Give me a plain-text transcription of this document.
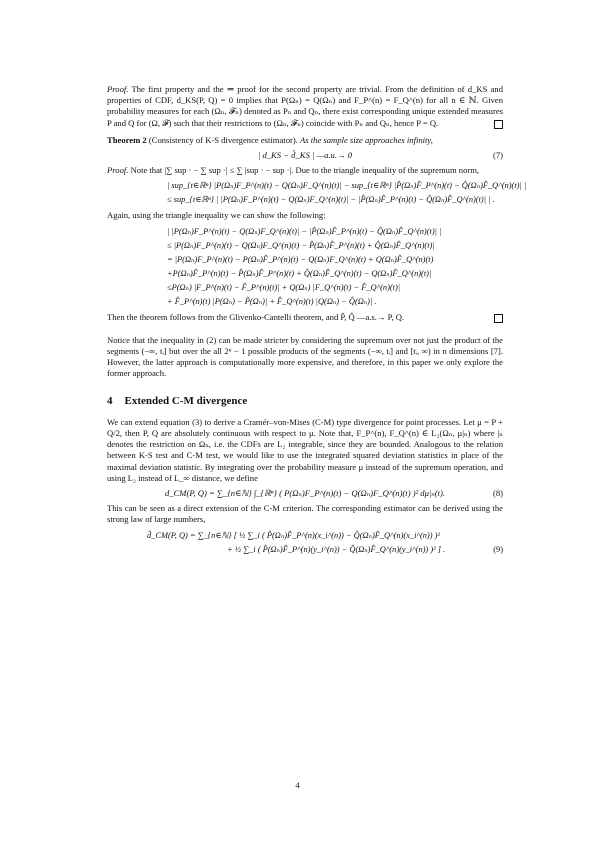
Proof. The first property and the ⇐ proof for the second property are trivial. From the definition of d_KS and properties of CDF, d_KS(P, Q) = 0 implies that P(Ωₙ) = Q(Ωₙ) and F_P^(n) = F_Q^(n) for all n ∈ ℕ. Given probability measures for each (Ωₙ, 𝓕ₙ) denoted as Pₙ and Qₙ, there exist corresponding unique extended measures P and Q for (Ω, 𝓕) such that their restrictions to (Ωₙ, 𝓕ₙ) coincide with Pₙ and Qₙ, hence P = Q.

Theorem 2 (Consistency of K-S divergence estimator). As the sample size approaches infinity,

| d_KS − d̂_KS | —a.u.→ 0	(7)

Proof. Note that |∑ sup · − ∑ sup ·| ≤ ∑ |sup · − sup ·|. Due to the triangle inequality of the supremum norm,

| sup_{t∈ℝⁿ} |P(Ωₙ)F_P^(n)(t) − Q(Ωₙ)F_Q^(n)(t)| − sup_{t∈ℝⁿ} |P̂(Ωₙ)F̂_P^(n)(t) − Q̂(Ωₙ)F̂_Q^(n)(t)| |
≤ sup_{t∈ℝⁿ} | |P(Ωₙ)F_P^(n)(t) − Q(Ωₙ)F_Q^(n)(t)| − |P̂(Ωₙ)F̂_P^(n)(t) − Q̂(Ωₙ)F̂_Q^(n)(t)| | .

Again, using the triangle inequality we can show the following:

| |P(Ωₙ)F_P^(n)(t) − Q(Ωₙ)F_Q^(n)(t)| − |P̂(Ωₙ)F̂_P^(n)(t) − Q̂(Ωₙ)F̂_Q^(n)(t)| |
≤ |P(Ωₙ)F_P^(n)(t) − Q(Ωₙ)F_Q^(n)(t) − P̂(Ωₙ)F̂_P^(n)(t) + Q̂(Ωₙ)F̂_Q^(n)(t)|
= |P(Ωₙ)F_P^(n)(t) − P(Ωₙ)F̂_P^(n)(t) − Q(Ωₙ)F_Q^(n)(t) + Q(Ωₙ)F̂_Q^(n)(t)
+P(Ωₙ)F̂_P^(n)(t) − P̂(Ωₙ)F̂_P^(n)(t) + Q̂(Ωₙ)F̂_Q^(n)(t) − Q(Ωₙ)F̂_Q^(n)(t)|
≤P(Ωₙ) |F_P^(n)(t) − F̂_P^(n)(t)| + Q(Ωₙ) |F_Q^(n)(t) − F̂_Q^(n)(t)|
+ F̂_P^(n)(t) |P(Ωₙ) − P̂(Ωₙ)| + F̂_Q^(n)(t) |Q(Ωₙ) − Q̂(Ωₙ)| .

Then the theorem follows from the Glivenko-Cantelli theorem, and P̂, Q̂ —a.s.→ P, Q.

Notice that the inequality in (2) can be made stricter by considering the supremum over not just the product of the segments (−∞, tᵢ] but over the all 2ⁿ − 1 possible products of the segments (−∞, tᵢ] and [tᵢ, ∞) in n dimensions [7]. However, the latter approach is computationally more expensive, and therefore, in this paper we only explore the former approach.

4 Extended C-M divergence

We can extend equation (3) to derive a Cramér–von-Mises (C-M) type divergence for point processes. Let μ = P + Q/2, then P, Q are absolutely continuous with respect to μ. Note that, F_P^(n), F_Q^(n) ∈ L₂(Ωₙ, μ|ₙ) where |ₙ denotes the restriction on Ωₙ, i.e. the CDFs are L₂ integrable, since they are bounded. Analogous to the relation between K-S test and C-M test, we would like to use the integrated squared deviation statistics in place of the maximal deviation statistic. By integrating over the probability measure μ instead of the supremum operation, and using L₂ instead of L_∞ distance, we define

d_CM(P, Q) = ∑_{n∈ℕ} ∫_{ℝⁿ} ( P(Ωₙ)F_P^(n)(t) − Q(Ωₙ)F_Q^(n)(t) )² dμ|ₙ(t).	(8)

This can be seen as a direct extension of the C-M criterion. The corresponding estimator can be derived using the strong law of large numbers,

d̂_CM(P, Q) = ∑_{n∈ℕ} [ ½ ∑_i ( P̂(Ωₙ)F̂_P^(n)(x_i^(n)) − Q̂(Ωₙ)F̂_Q^(n)(x_i^(n)) )²
+ ½ ∑_i ( P̂(Ωₙ)F̂_P^(n)(y_i^(n)) − Q̂(Ωₙ)F̂_Q^(n)(y_i^(n)) )² ] .	(9)
4
